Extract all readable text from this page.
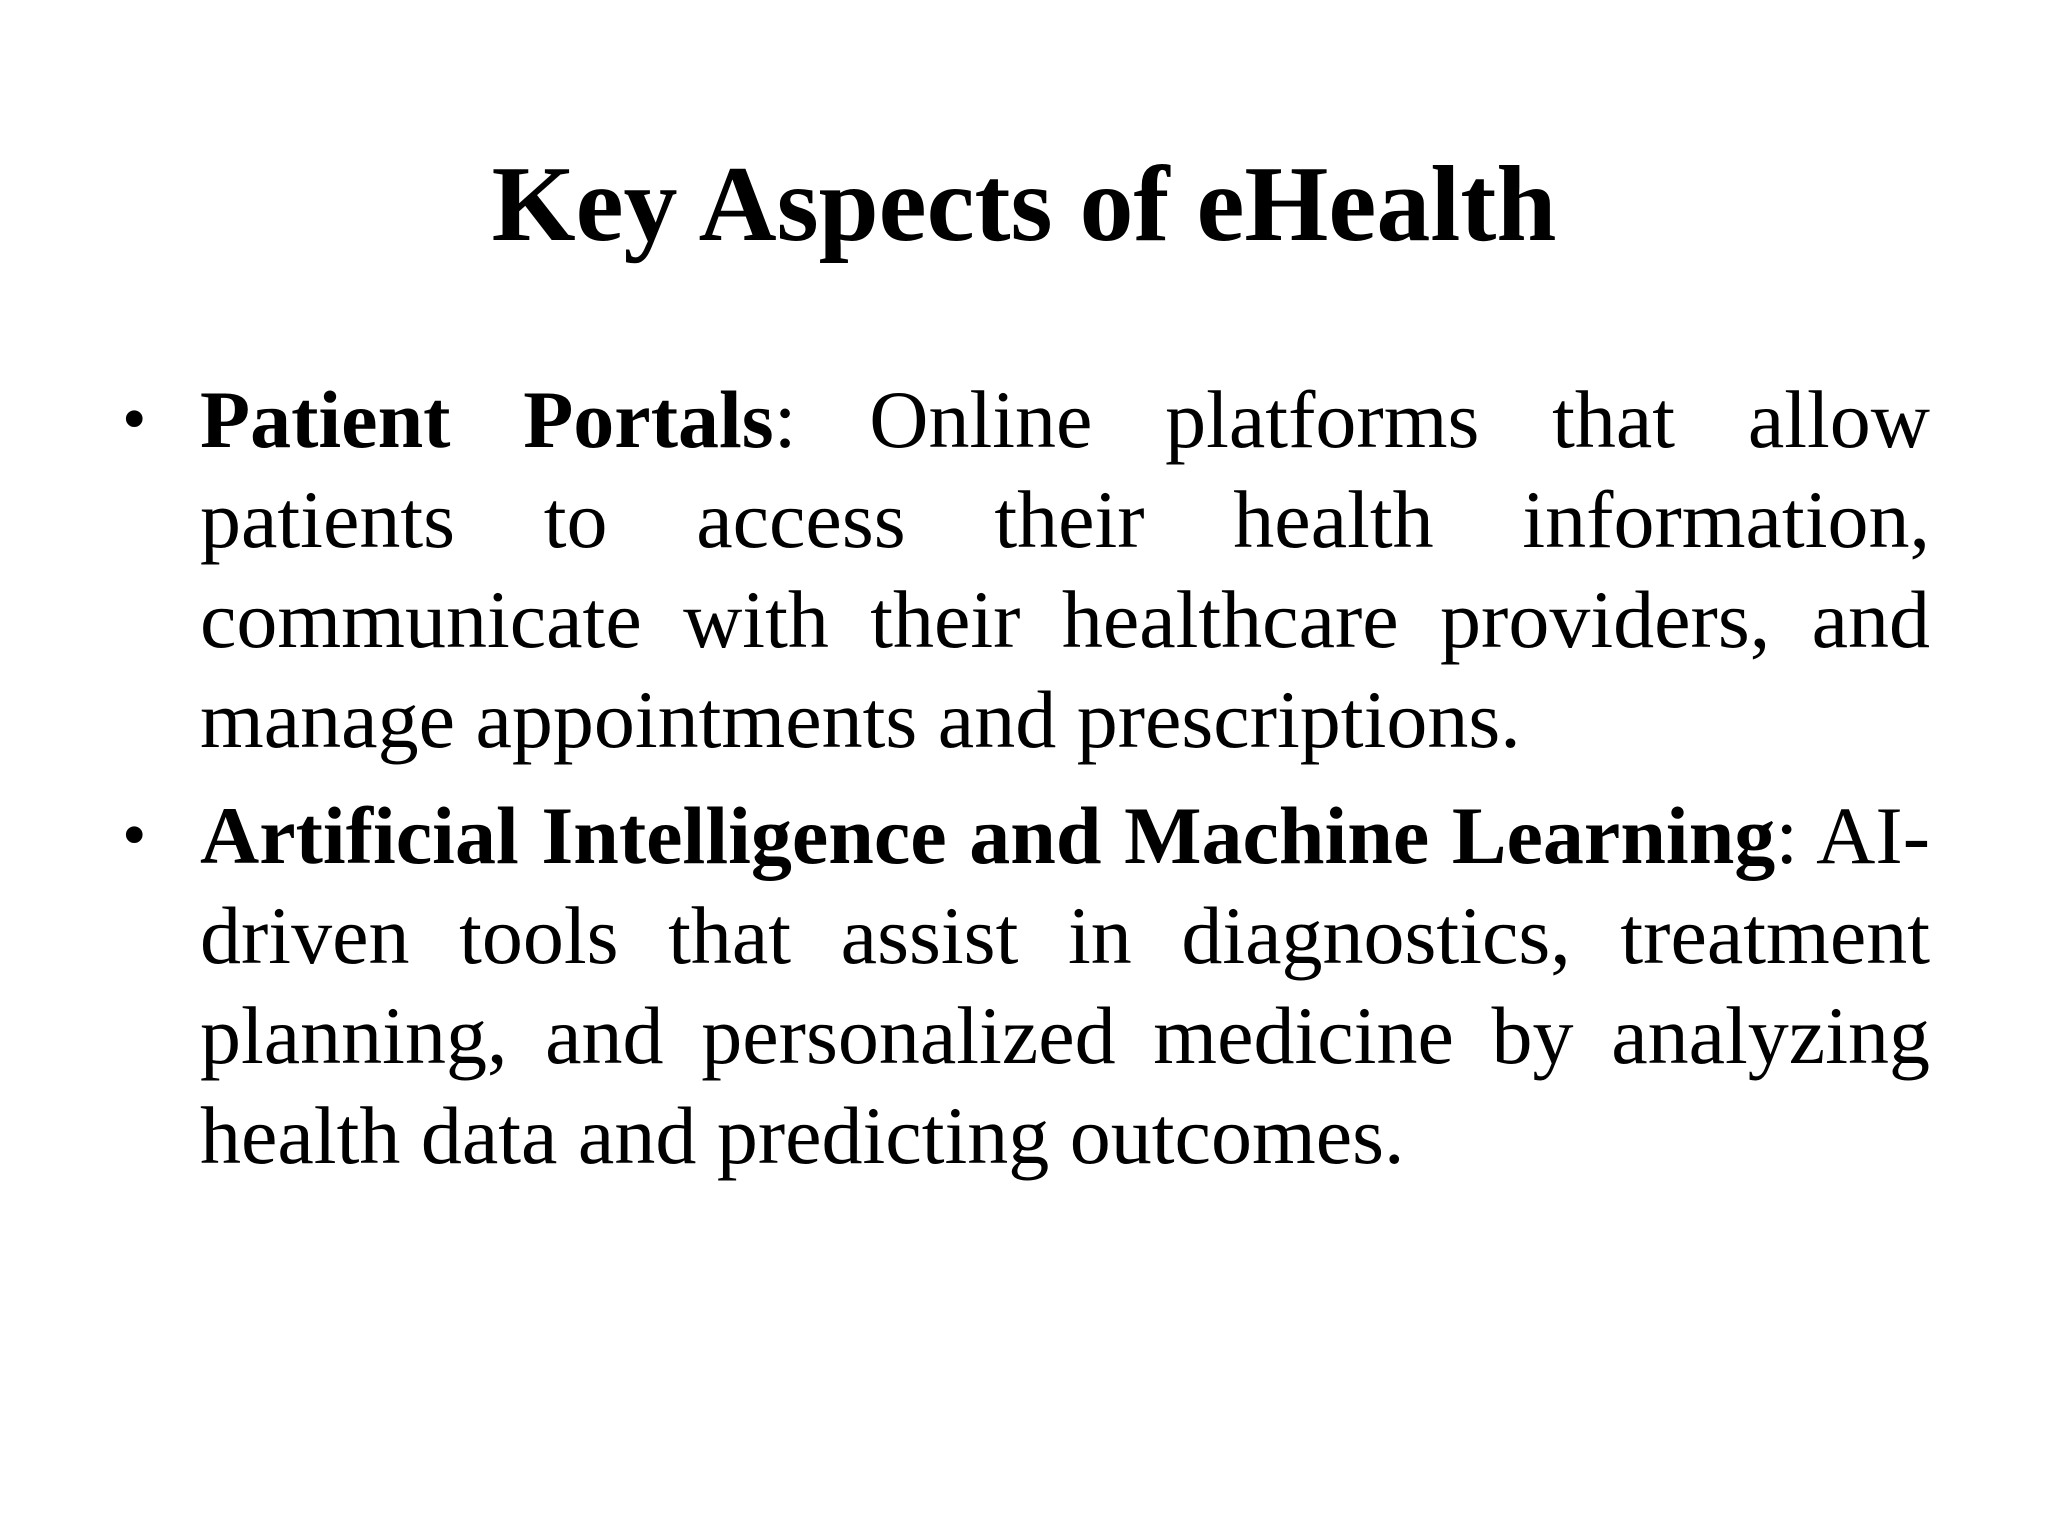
Key Aspects of eHealth
• Patient Portals: Online platforms that allow patients to access their health information, communicate with their healthcare providers, and manage appointments and prescriptions.
• Artificial Intelligence and Machine Learning: AI-driven tools that assist in diagnostics, treatment planning, and personalized medicine by analyzing health data and predicting outcomes.
